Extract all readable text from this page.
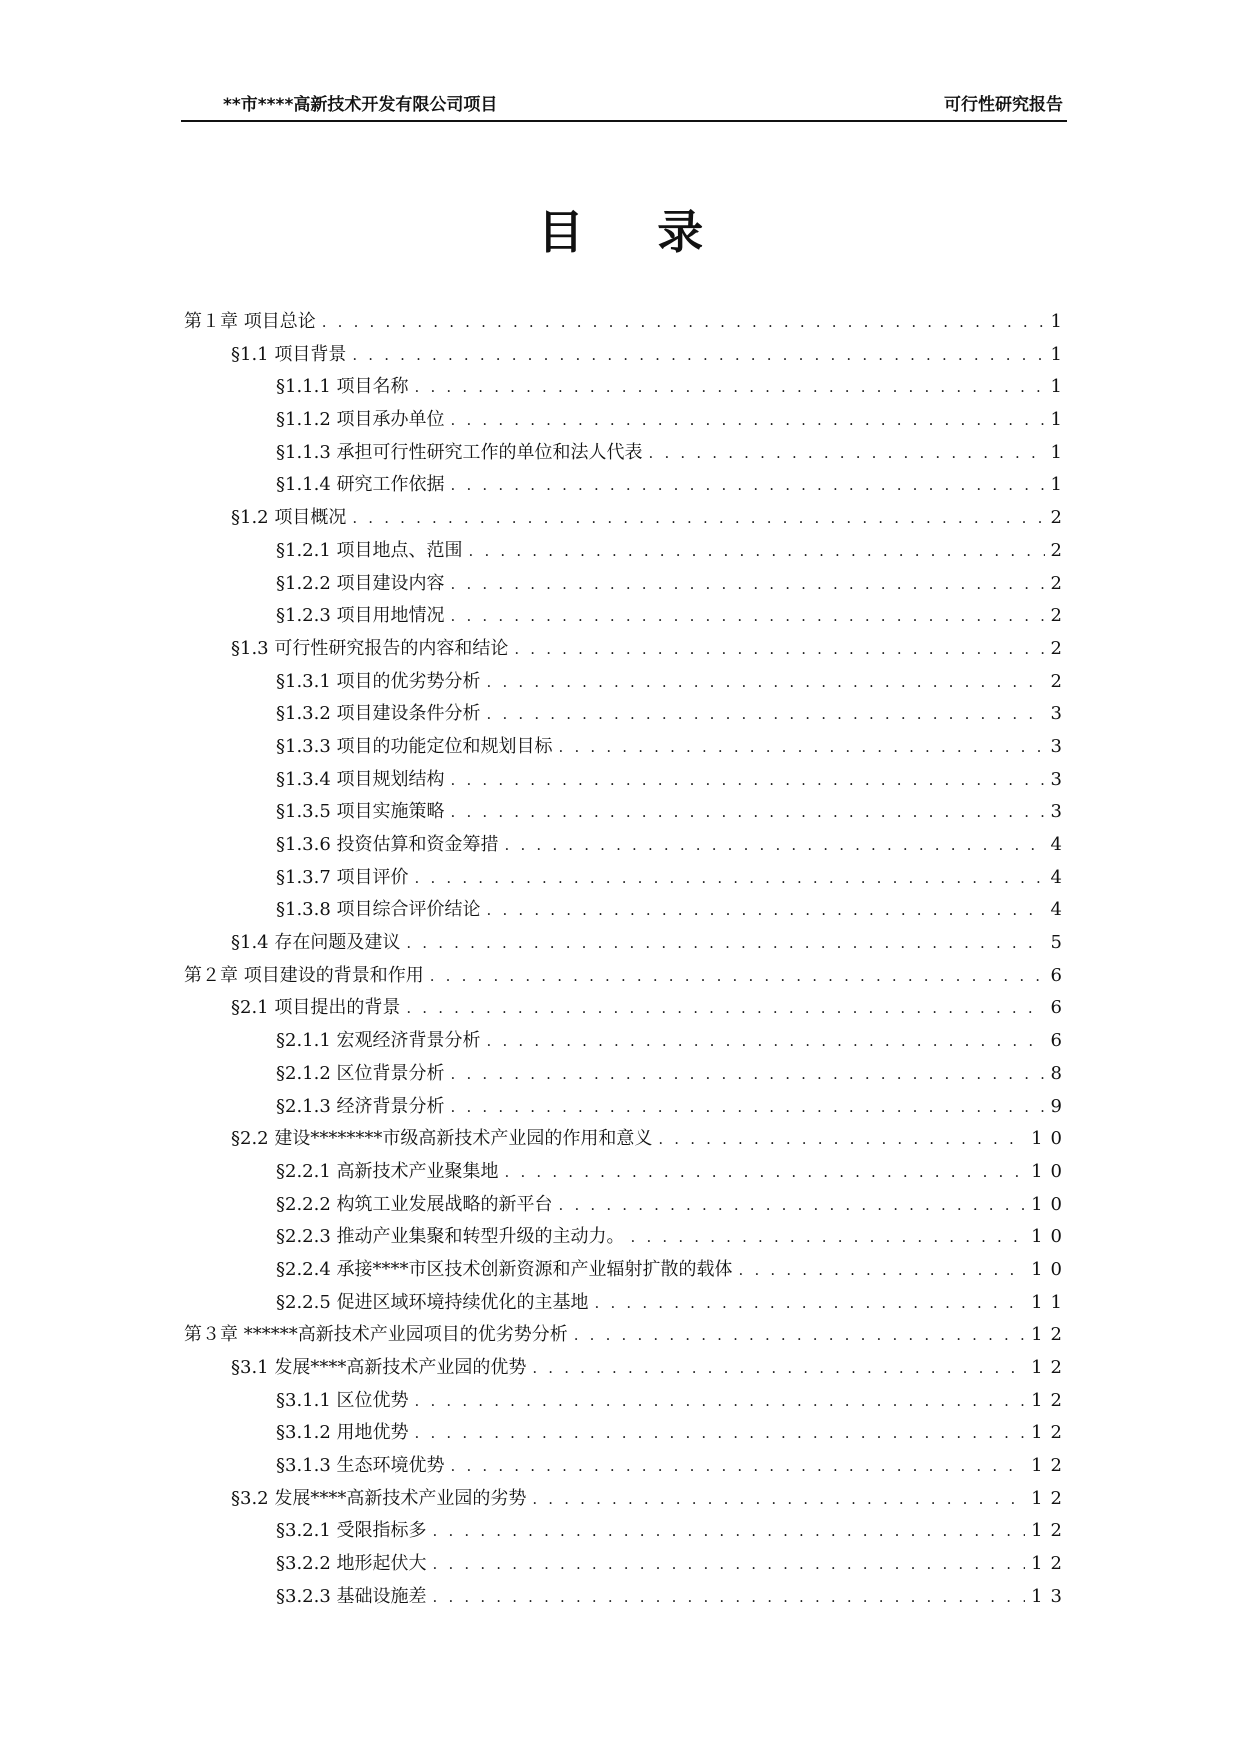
**市****高新技术开发有限公司项目	可行性研究报告
目录
第１章 项目总论 . . .	1
§1.1 项目背景 . . .	1
§1.1.1 项目名称 . . .	1
§1.1.2 项目承办单位 . . .	1
§1.1.3 承担可行性研究工作的单位和法人代表 . . .	1
§1.1.4 研究工作依据 . . .	1
§1.2 项目概况 . . .	2
§1.2.1 项目地点、范围 . . .	2
§1.2.2 项目建设内容 . . .	2
§1.2.3 项目用地情况 . . .	2
§1.3 可行性研究报告的内容和结论 . . .	2
§1.3.1 项目的优劣势分析 . . .	2
§1.3.2 项目建设条件分析 . . .	3
§1.3.3 项目的功能定位和规划目标 . . .	3
§1.3.4 项目规划结构 . . .	3
§1.3.5 项目实施策略 . . .	3
§1.3.6 投资估算和资金筹措 . . .	4
§1.3.7 项目评价 . . .	4
§1.3.8 项目综合评价结论 . . .	4
§1.4 存在问题及建议 . . .	5
第２章 项目建设的背景和作用 . . .	6
§2.1 项目提出的背景 . . .	6
§2.1.1 宏观经济背景分析 . . .	6
§2.1.2 区位背景分析 . . .	8
§2.1.3 经济背景分析 . . .	9
§2.2 建设********市级高新技术产业园的作用和意义 . . .	10
§2.2.1 高新技术产业聚集地 . . .	10
§2.2.2 构筑工业发展战略的新平台 . . .	10
§2.2.3 推动产业集聚和转型升级的主动力。 . . .	10
§2.2.4 承接****市区技术创新资源和产业辐射扩散的载体 . . .	10
§2.2.5 促进区域环境持续优化的主基地 . . .	11
第３章 ******高新技术产业园项目的优劣势分析 . . .	12
§3.1 发展****高新技术产业园的优势 . . .	12
§3.1.1 区位优势 . . .	12
§3.1.2 用地优势 . . .	12
§3.1.3 生态环境优势 . . .	12
§3.2 发展****高新技术产业园的劣势 . . .	12
§3.2.1 受限指标多 . . .	12
§3.2.2 地形起伏大 . . .	12
§3.2.3 基础设施差 . . .	13
